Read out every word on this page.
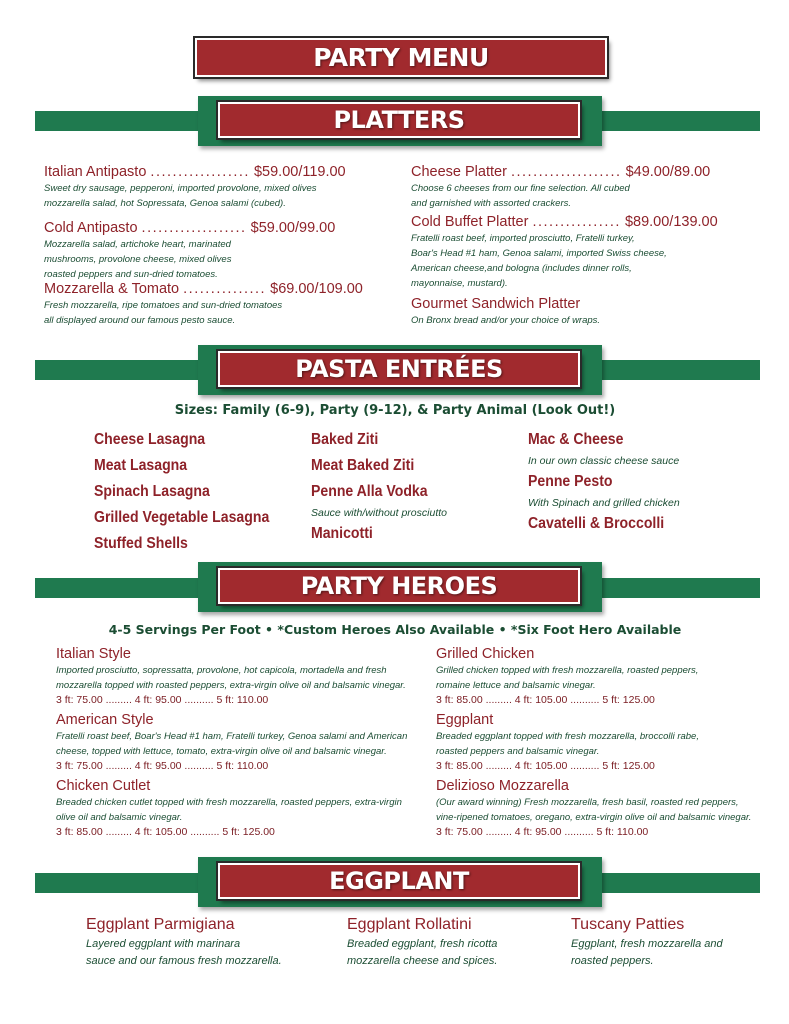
PARTY MENU
PLATTERS
Italian Antipasto .................. $59.00/119.00
Sweet dry sausage, pepperoni, imported provolone, mixed olives
mozzarella salad, hot Sopressata, Genoa salami (cubed).
Cold Antipasto ................... $59.00/99.00
Mozzarella salad, artichoke heart, marinated
mushrooms, provolone cheese, mixed olives
roasted peppers and sun-dried tomatoes.
Mozzarella & Tomato ............... $69.00/109.00
Fresh mozzarella, ripe tomatoes and sun-dried tomatoes
all displayed around our famous pesto sauce.
Cheese Platter .................... $49.00/89.00
Choose 6 cheeses from our fine selection. All cubed
and garnished with assorted crackers.
Cold Buffet Platter ................ $89.00/139.00
Fratelli roast beef, imported prosciutto, Fratelli turkey,
Boar's Head #1 ham, Genoa salami, imported Swiss cheese,
American cheese,and bologna (includes dinner rolls,
mayonnaise, mustard).
Gourmet Sandwich Platter
On Bronx bread and/or your choice of wraps.
PASTA ENTRÉES
Sizes: Family (6-9), Party (9-12), & Party Animal (Look Out!)
Cheese Lasagna
Meat Lasagna
Spinach Lasagna
Grilled Vegetable Lasagna
Stuffed Shells
Baked Ziti
Meat Baked Ziti
Penne Alla Vodka
Sauce with/without prosciutto
Manicotti
Mac & Cheese
In our own classic cheese sauce
Penne Pesto
With Spinach and grilled chicken
Cavatelli & Broccolli
PARTY HEROES
4-5 Servings Per Foot • *Custom Heroes Also Available • *Six Foot Hero Available
Italian Style
Imported prosciutto, sopressatta, provolone, hot capicola, mortadella and fresh
mozzarella topped with roasted peppers, extra-virgin olive oil and balsamic vinegar.
3 ft: 75.00 ......... 4 ft: 95.00 .......... 5 ft: 110.00
American Style
Fratelli roast beef, Boar's Head #1 ham, Fratelli turkey, Genoa salami and American
cheese, topped with lettuce, tomato, extra-virgin olive oil and balsamic vinegar.
3 ft: 75.00 ......... 4 ft: 95.00 .......... 5 ft: 110.00
Chicken Cutlet
Breaded chicken cutlet topped with fresh mozzarella, roasted peppers, extra-virgin
olive oil and balsamic vinegar.
3 ft: 85.00 ......... 4 ft: 105.00 .......... 5 ft: 125.00
Grilled Chicken
Grilled chicken topped with fresh mozzarella, roasted peppers,
romaine lettuce and balsamic vinegar.
3 ft: 85.00 ......... 4 ft: 105.00 .......... 5 ft: 125.00
Eggplant
Breaded eggplant topped with fresh mozzarella, broccolli rabe,
roasted peppers and balsamic vinegar.
3 ft: 85.00 ......... 4 ft: 105.00 .......... 5 ft: 125.00
Delizioso Mozzarella
(Our award winning) Fresh mozzarella, fresh basil, roasted red peppers,
vine-ripened tomatoes, oregano, extra-virgin olive oil and balsamic vinegar.
3 ft: 75.00 ......... 4 ft: 95.00 .......... 5 ft: 110.00
EGGPLANT
Eggplant Parmigiana
Layered eggplant with marinara
sauce and our famous fresh mozzarella.
Eggplant Rollatini
Breaded eggplant, fresh ricotta
mozzarella cheese and spices.
Tuscany Patties
Eggplant, fresh mozzarella and
roasted peppers.
